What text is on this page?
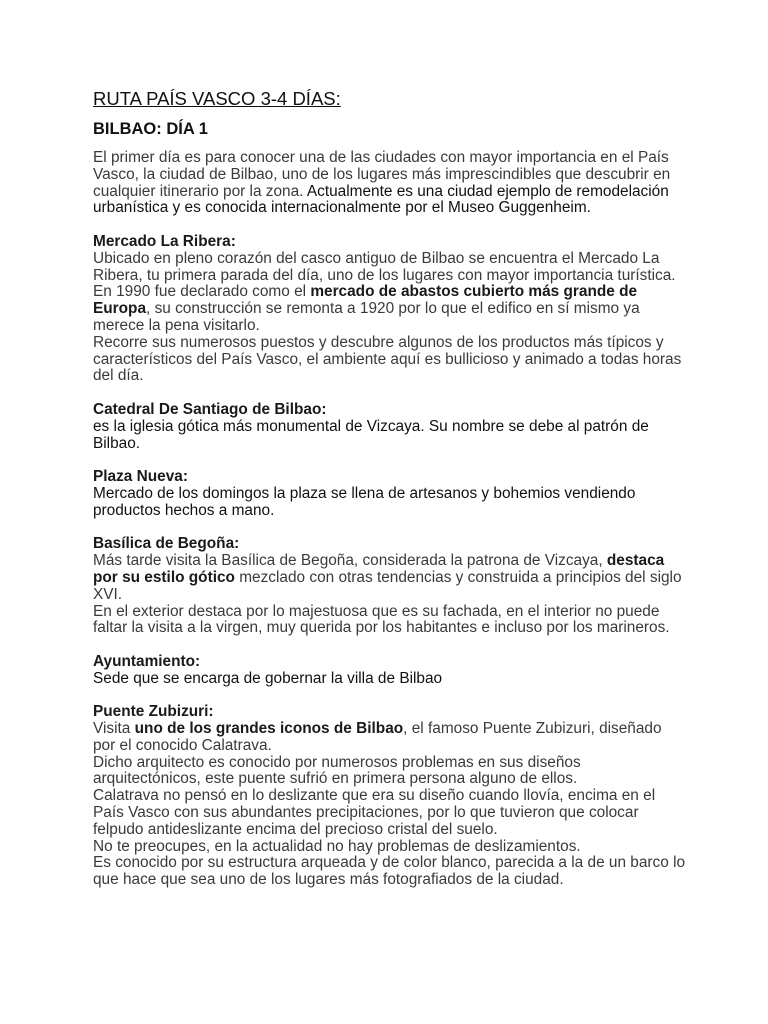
RUTA PAÍS VASCO 3-4 DÍAS:
BILBAO: DÍA 1

El primer día es para conocer una de las ciudades con mayor importancia en el País Vasco, la ciudad de Bilbao, uno de los lugares más imprescindibles que descubrir en cualquier itinerario por la zona. Actualmente es una ciudad ejemplo de remodelación urbanística y es conocida internacionalmente por el Museo Guggenheim.

Mercado La Ribera:

Ubicado en pleno corazón del casco antiguo de Bilbao se encuentra el Mercado La Ribera, tu primera parada del día, uno de los lugares con mayor importancia turística.

En 1990 fue declarado como el mercado de abastos cubierto más grande de Europa, su construcción se remonta a 1920 por lo que el edifico en sí mismo ya merece la pena visitarlo.

Recorre sus numerosos puestos y descubre algunos de los productos más típicos y característicos del País Vasco, el ambiente aquí es bullicioso y animado a todas horas del día.

Catedral De Santiago de Bilbao:

es la iglesia gótica más monumental de Vizcaya. Su nombre se debe al patrón de Bilbao.

Plaza Nueva:

Mercado de los domingos la plaza se llena de artesanos y bohemios vendiendo productos hechos a mano.

Basílica de Begoña:

Más tarde visita la Basílica de Begoña, considerada la patrona de Vizcaya, destaca por su estilo gótico mezclado con otras tendencias y construida a principios del siglo XVI.

En el exterior destaca por lo majestuosa que es su fachada, en el interior no puede faltar la visita a la virgen, muy querida por los habitantes e incluso por los marineros.

Ayuntamiento:

Sede que se encarga de gobernar la villa de Bilbao

Puente Zubizuri:

Visita uno de los grandes iconos de Bilbao, el famoso Puente Zubizuri, diseñado por el conocido Calatrava.

Dicho arquitecto es conocido por numerosos problemas en sus diseños arquitectónicos, este puente sufrió en primera persona alguno de ellos.

Calatrava no pensó en lo deslizante que era su diseño cuando llovía, encima en el País Vasco con sus abundantes precipitaciones, por lo que tuvieron que colocar felpudo antideslizante encima del precioso cristal del suelo.

No te preocupes, en la actualidad no hay problemas de deslizamientos.

Es conocido por su estructura arqueada y de color blanco, parecida a la de un barco lo que hace que sea uno de los lugares más fotografiados de la ciudad.
